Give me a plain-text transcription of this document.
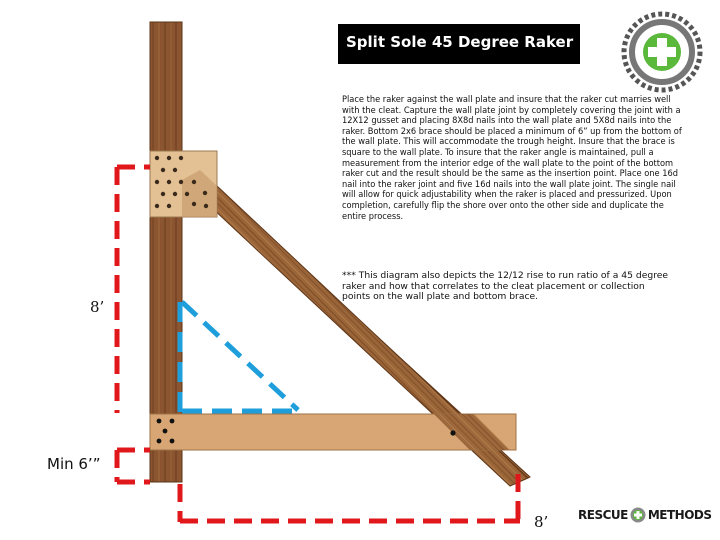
Split Sole 45 Degree Raker
Place the raker against the wall plate and insure that the raker cut marries well with the cleat. Capture the wall plate joint by completely covering the joint with a 12X12 gusset and placing 8X8d nails into the wall plate and 5X8d nails into the raker. Bottom 2x6 brace should be placed a minimum of 6” up from the bottom of the wall plate. This will accommodate the trough height. Insure that the brace is square to the wall plate. To insure that the raker angle is maintained, pull a measurement from the interior edge of the wall plate to the point of the bottom raker cut and the result should be the same as the insertion point. Place one 16d nail into the raker joint and five 16d nails into the wall plate joint. The single nail will allow for quick adjustability when the raker is placed and pressurized. Upon completion, carefully flip the shore over onto the other side and duplicate the entire process.
*** This diagram also depicts the 12/12 rise to run ratio of a 45 degree raker and how that correlates to the cleat placement or collection points on the wall plate and bottom brace.
8’
Min 6’”
8’ RESCUE METHODS
